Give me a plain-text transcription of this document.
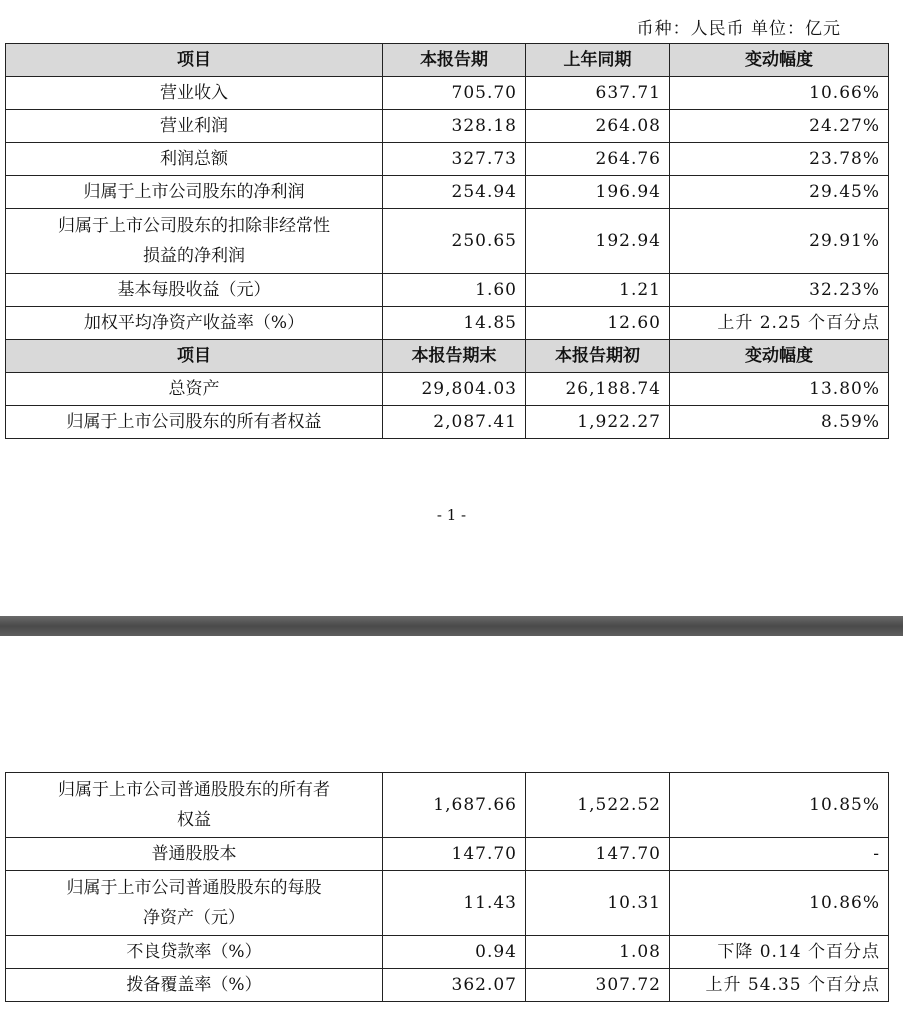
币种：人民币 单位：亿元
项目	本报告期	上年同期	变动幅度
营业收入	705.70	637.71	10.66%
营业利润	328.18	264.08	24.27%
利润总额	327.73	264.76	23.78%
归属于上市公司股东的净利润	254.94	196.94	29.45%

归属于上市公司股东的扣除非经常性
损益的净利润	250.65	192.94	29.91%
基本每股收益（元）	1.60	1.21	32.23%
加权平均净资产收益率（%）	14.85	12.60	上升 2.25 个百分点
项目	本报告期末	本报告期初	变动幅度
总资产	29,804.03	26,188.74	13.80%
归属于上市公司股东的所有者权益	2,087.41	1,922.27	8.59%
- 1 -
归属于上市公司普通股股东的所有者
权益	1,687.66	1,522.52	10.85%
普通股股本	147.70	147.70	-

归属于上市公司普通股股东的每股
净资产（元）	11.43	10.31	10.86%
不良贷款率（%）	0.94	1.08	下降 0.14 个百分点
拨备覆盖率（%）	362.07	307.72	上升 54.35 个百分点
